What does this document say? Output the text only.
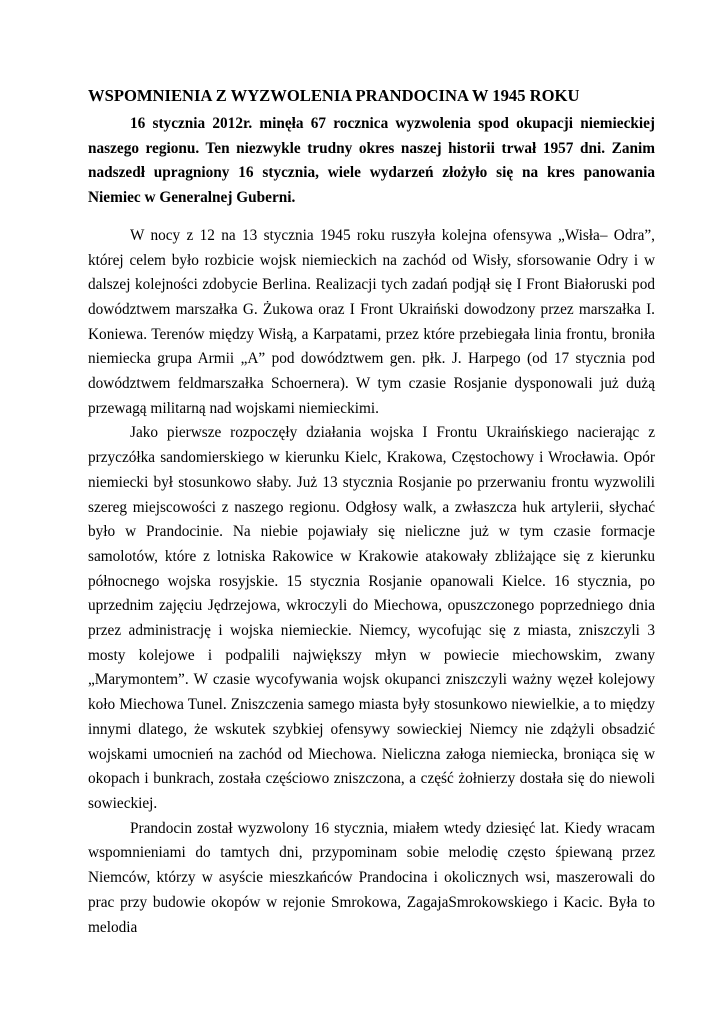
WSPOMNIENIA Z WYZWOLENIA PRANDOCINA W 1945 ROKU

16 stycznia 2012r. minęła 67 rocznica wyzwolenia spod okupacji niemieckiej naszego regionu. Ten niezwykle trudny okres naszej historii trwał 1957 dni. Zanim nadszedł upragniony 16 stycznia, wiele wydarzeń złożyło się na kres panowania Niemiec w Generalnej Guberni.

W nocy z 12 na 13 stycznia 1945 roku ruszyła kolejna ofensywa „Wisła– Odra”, której celem było rozbicie wojsk niemieckich na zachód od Wisły, sforsowanie Odry i w dalszej kolejności zdobycie Berlina. Realizacji tych zadań podjął się I Front Białoruski pod dowództwem marszałka G. Żukowa oraz I Front Ukraiński dowodzony przez marszałka I. Koniewa. Terenów między Wisłą, a Karpatami, przez które przebiegała linia frontu, broniła niemiecka grupa Armii „A” pod dowództwem gen. płk. J. Harpego (od 17 stycznia pod dowództwem feldmarszałka Schoernera). W tym czasie Rosjanie dysponowali już dużą przewagą militarną nad wojskami niemieckimi.

Jako pierwsze rozpoczęły działania wojska I Frontu Ukraińskiego nacierając z przyczółka sandomierskiego w kierunku Kielc, Krakowa, Częstochowy i Wrocławia. Opór niemiecki był stosunkowo słaby. Już 13 stycznia Rosjanie po przerwaniu frontu wyzwolili szereg miejscowości z naszego regionu. Odgłosy walk, a zwłaszcza huk artylerii, słychać było w Prandocinie. Na niebie pojawiały się nieliczne już w tym czasie formacje samolotów, które z lotniska Rakowice w Krakowie atakowały zbliżające się z kierunku północnego wojska rosyjskie. 15 stycznia Rosjanie opanowali Kielce. 16 stycznia, po uprzednim zajęciu Jędrzejowa, wkroczyli do Miechowa, opuszczonego poprzedniego dnia przez administrację i wojska niemieckie. Niemcy, wycofując się z miasta, zniszczyli 3 mosty kolejowe i podpalili największy młyn w powiecie miechowskim, zwany „Marymontem”. W czasie wycofywania wojsk okupanci zniszczyli ważny węzeł kolejowy koło Miechowa Tunel. Zniszczenia samego miasta były stosunkowo niewielkie, a to między innymi dlatego, że wskutek szybkiej ofensywy sowieckiej Niemcy nie zdążyli obsadzić wojskami umocnień na zachód od Miechowa. Nieliczna załoga niemiecka, broniąca się w okopach i bunkrach, została częściowo zniszczona, a część żołnierzy dostała się do niewoli sowieckiej.

Prandocin został wyzwolony 16 stycznia, miałem wtedy dziesięć lat. Kiedy wracam wspomnieniami do tamtych dni, przypominam sobie melodię często śpiewaną przez Niemców, którzy w asyście mieszkańców Prandocina i okolicznych wsi, maszerowali do prac przy budowie okopów w rejonie Smrokowa, ZagajaSmrokowskiego i Kacic. Była to melodia
